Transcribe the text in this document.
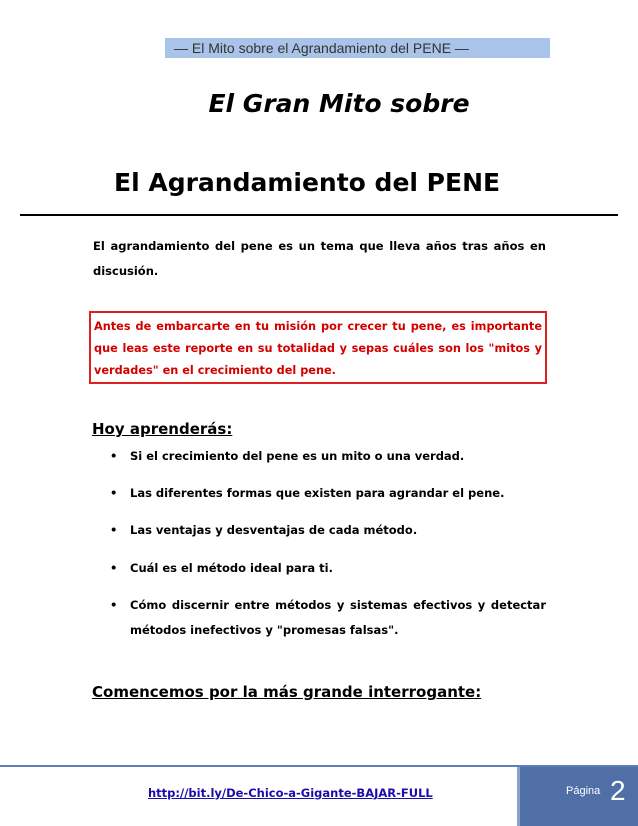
— El Mito sobre el Agrandamiento del PENE —
El Gran Mito sobre
El Agrandamiento del PENE
El agrandamiento del pene es un tema que lleva años tras años en discusión.
Antes de embarcarte en tu misión por crecer tu pene, es importante que leas este reporte en su totalidad y sepas cuáles son los "mitos y verdades" en el crecimiento del pene.
Hoy aprenderás:
• Si el crecimiento del pene es un mito o una verdad.
• Las diferentes formas que existen para agrandar el pene.
• Las ventajas y desventajas de cada método.
• Cuál es el método ideal para ti.
• Cómo discernir entre métodos y sistemas efectivos y detectar métodos inefectivos y "promesas falsas".
Comencemos por la más grande interrogante:
http://bit.ly/De-Chico-a-Gigante-BAJAR-FULL	Página 2
